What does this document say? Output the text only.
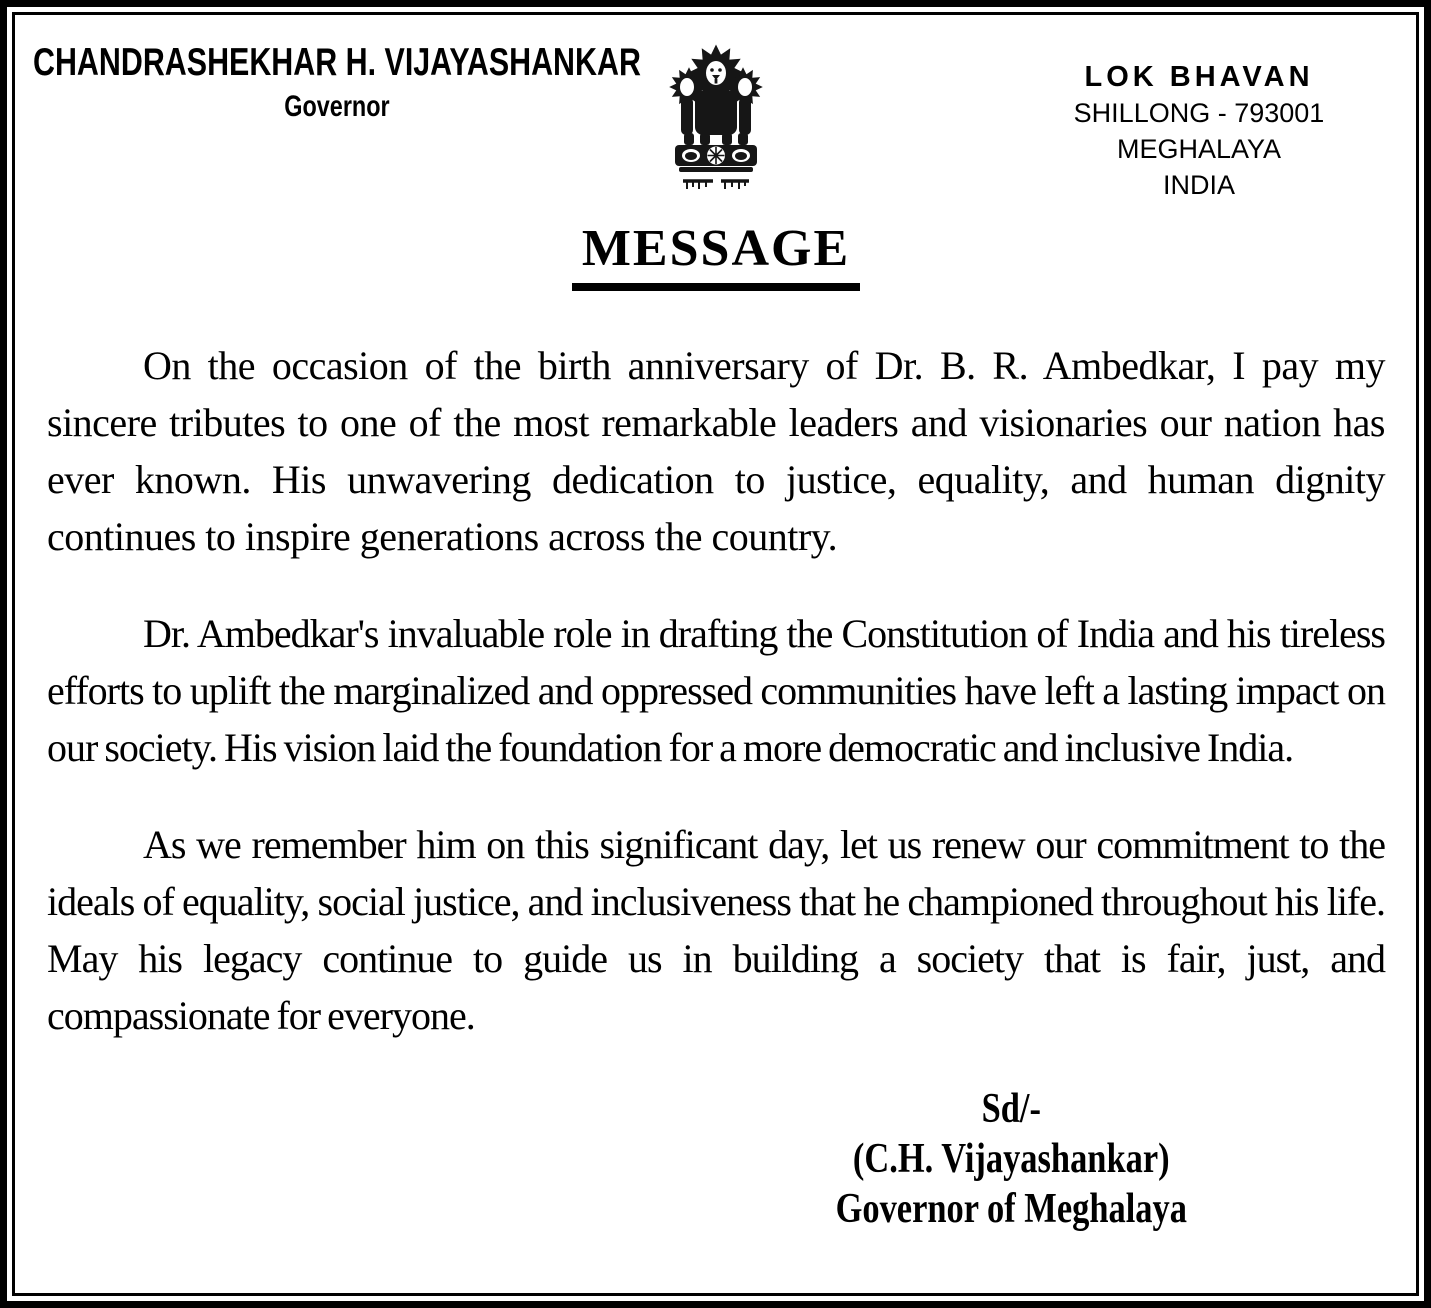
CHANDRASHEKHAR H. VIJAYASHANKAR
Governor
LOK BHAVAN
SHILLONG - 793001
MEGHALAYA
INDIA
MESSAGE

On the occasion of the birth anniversary of Dr. B. R. Ambedkar, I pay my sincere tributes to one of the most remarkable leaders and visionaries our nation has ever known. His unwavering dedication to justice, equality, and human dignity continues to inspire generations across the country.

Dr. Ambedkar's invaluable role in drafting the Constitution of India and his tireless efforts to uplift the marginalized and oppressed communities have left a lasting impact on our society. His vision laid the foundation for a more democratic and inclusive India.

As we remember him on this significant day, let us renew our commitment to the ideals of equality, social justice, and inclusiveness that he championed throughout his life. May his legacy continue to guide us in building a society that is fair, just, and compassionate for everyone.

Sd/-
(C.H. Vijayashankar)
Governor of Meghalaya
